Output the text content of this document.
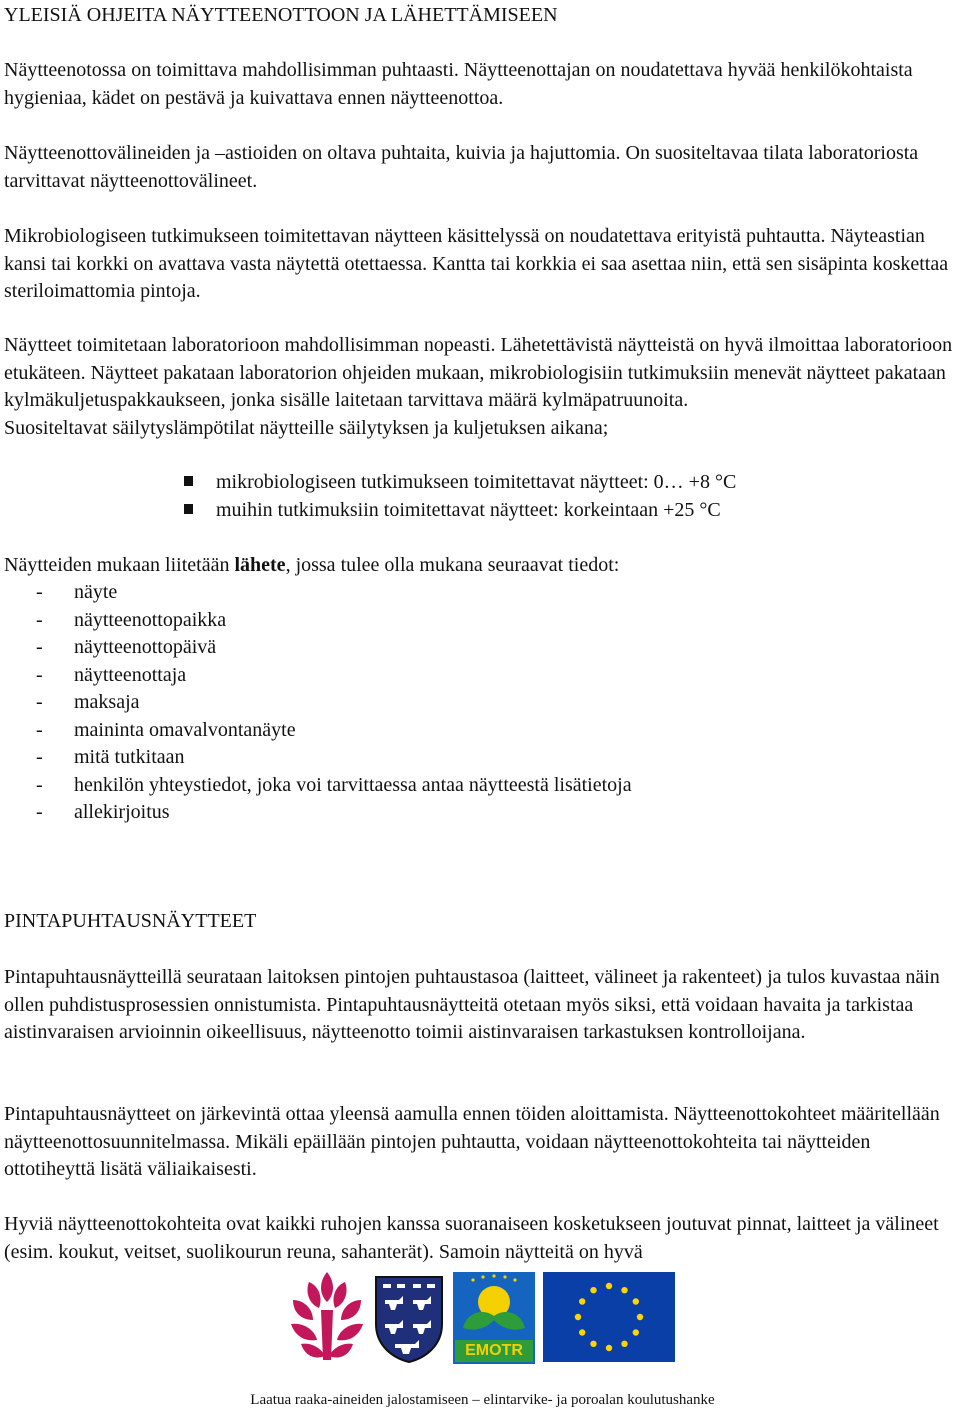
YLEISIÄ OHJEITA NÄYTTEENOTTOON JA LÄHETTÄMISEEN

Näytteenotossa on toimittava mahdollisimman puhtaasti. Näytteenottajan on noudatettava hyvää henkilökohtaista hygieniaa, kädet on pestävä ja kuivattava ennen näytteenottoa.

Näytteenottovälineiden ja –astioiden on oltava puhtaita, kuivia ja hajuttomia. On suositeltavaa tilata laboratoriosta tarvittavat näytteenottovälineet.

Mikrobiologiseen tutkimukseen toimitettavan näytteen käsittelyssä on noudatettava erityistä puhtautta. Näyteastian kansi tai korkki on avattava vasta näytettä otettaessa. Kantta tai korkkia ei saa asettaa niin, että sen sisäpinta koskettaa steriloimattomia pintoja.

Näytteet toimitetaan laboratorioon mahdollisimman nopeasti. Lähetettävistä näytteistä on hyvä ilmoittaa laboratorioon etukäteen. Näytteet pakataan laboratorion ohjeiden mukaan, mikrobiologisiin tutkimuksiin menevät näytteet pakataan kylmäkuljetuspakkaukseen, jonka sisälle laitetaan tarvittava määrä kylmäpatruunoita.

Suositeltavat säilytyslämpötilat näytteille säilytyksen ja kuljetuksen aikana;

mikrobiologiseen tutkimukseen toimitettavat näytteet: 0… +8 °C
muihin tutkimuksiin toimitettavat näytteet: korkeintaan +25 °C

Näytteiden mukaan liitetään lähete, jossa tulee olla mukana seuraavat tiedot:

- näyte
- näytteenottopaikka
- näytteenottopäivä
- näytteenottaja
- maksaja
- maininta omavalvontanäyte
- mitä tutkitaan
- henkilön yhteystiedot, joka voi tarvittaessa antaa näytteestä lisätietoja
- allekirjoitus
PINTAPUHTAUSNÄYTTEET

Pintapuhtausnäytteillä seurataan laitoksen pintojen puhtaustasoa (laitteet, välineet ja rakenteet) ja tulos kuvastaa näin ollen puhdistusprosessien onnistumista. Pintapuhtausnäytteitä otetaan myös siksi, että voidaan havaita ja tarkistaa aistinvaraisen arvioinnin oikeellisuus, näytteenotto toimii aistinvaraisen tarkastuksen kontrolloijana.

Pintapuhtausnäytteet on järkevintä ottaa yleensä aamulla ennen töiden aloittamista. Näytteenottokohteet määritellään näytteenottosuunnitelmassa. Mikäli epäillään pintojen puhtautta, voidaan näytteenottokohteita tai näytteiden ottotiheyttä lisätä väliaikaisesti.

Hyviä näytteenottokohteita ovat kaikki ruhojen kanssa suoranaiseen kosketukseen joutuvat pinnat, laitteet ja välineet (esim. koukut, veitset, suolikourun reuna, sahanterät). Samoin näytteitä on hyvä

EMOTR
Laatua raaka-aineiden jalostamiseen – elintarvike- ja poroalan koulutushanke
